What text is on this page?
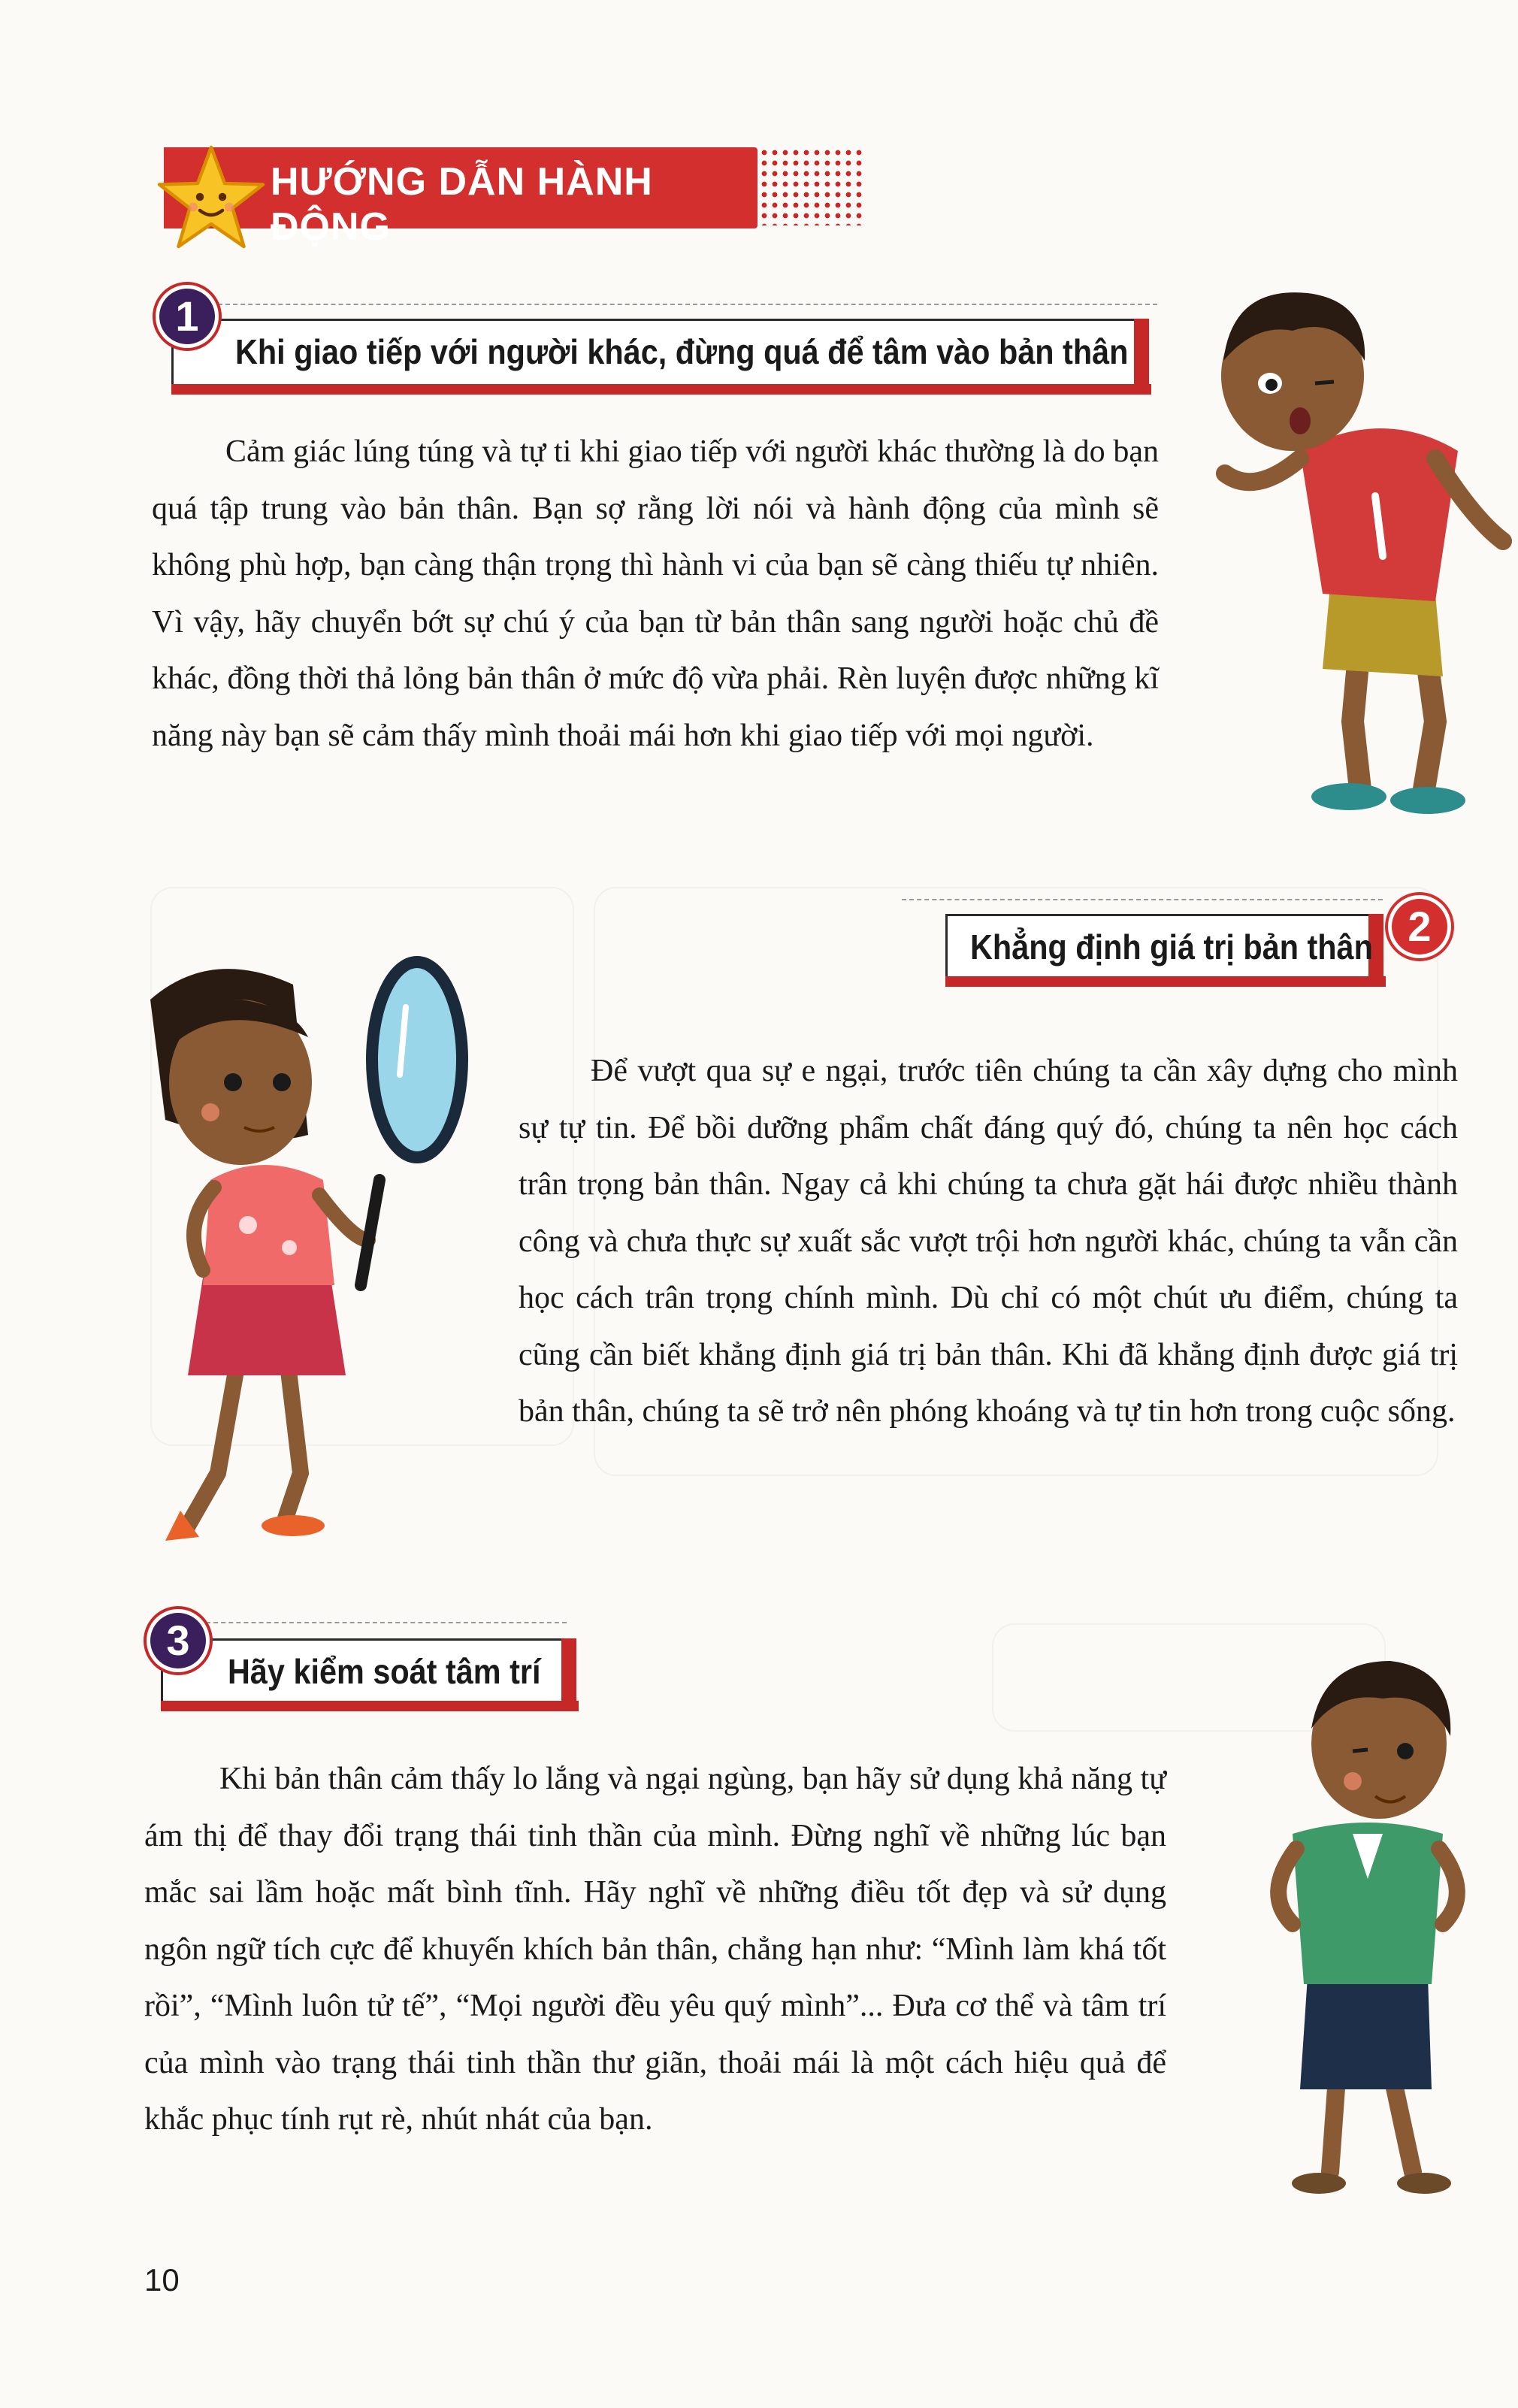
HƯỚNG DẪN HÀNH ĐỘNG
Khi giao tiếp với người khác, đừng quá để tâm vào bản thân
1

Cảm giác lúng túng và tự ti khi giao tiếp với người khác thường là do bạn quá tập trung vào bản thân. Bạn sợ rằng lời nói và hành động của mình sẽ không phù hợp, bạn càng thận trọng thì hành vi của bạn sẽ càng thiếu tự nhiên. Vì vậy, hãy chuyển bớt sự chú ý của bạn từ bản thân sang người hoặc chủ đề khác, đồng thời thả lỏng bản thân ở mức độ vừa phải. Rèn luyện được những kĩ năng này bạn sẽ cảm thấy mình thoải mái hơn khi giao tiếp với mọi người.

Khẳng định giá trị bản thân 2

Để vượt qua sự e ngại, trước tiên chúng ta cần xây dựng cho mình sự tự tin. Để bồi dưỡng phẩm chất đáng quý đó, chúng ta nên học cách trân trọng bản thân. Ngay cả khi chúng ta chưa gặt hái được nhiều thành công và chưa thực sự xuất sắc vượt trội hơn người khác, chúng ta vẫn cần học cách trân trọng chính mình. Dù chỉ có một chút ưu điểm, chúng ta cũng cần biết khẳng định giá trị bản thân. Khi đã khẳng định được giá trị bản thân, chúng ta sẽ trở nên phóng khoáng và tự tin hơn trong cuộc sống.

Hãy kiểm soát tâm trí
3

Khi bản thân cảm thấy lo lắng và ngại ngùng, bạn hãy sử dụng khả năng tự ám thị để thay đổi trạng thái tinh thần của mình. Đừng nghĩ về những lúc bạn mắc sai lầm hoặc mất bình tĩnh. Hãy nghĩ về những điều tốt đẹp và sử dụng ngôn ngữ tích cực để khuyến khích bản thân, chẳng hạn như: “Mình làm khá tốt rồi”, “Mình luôn tử tế”, “Mọi người đều yêu quý mình”... Đưa cơ thể và tâm trí của mình vào trạng thái tinh thần thư giãn, thoải mái là một cách hiệu quả để khắc phục tính rụt rè, nhút nhát của bạn.

10
